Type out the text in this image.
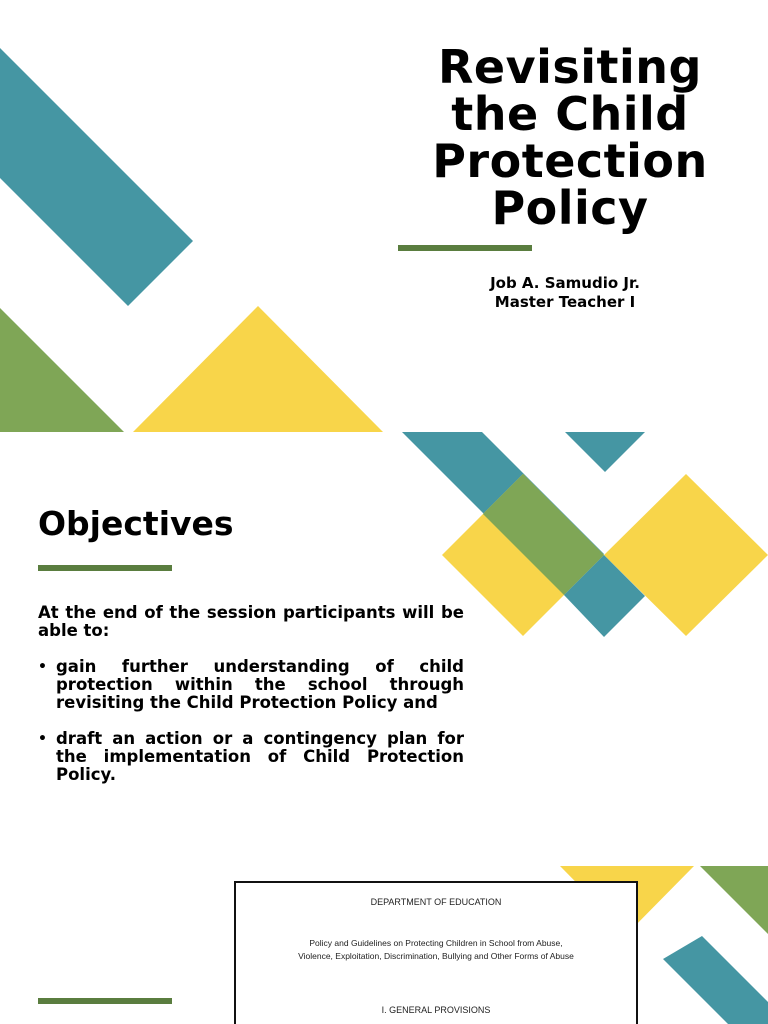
Revisiting the Child Protection Policy
Job A. Samudio Jr.
Master Teacher I
Objectives
At the end of the session participants will be able to:
• gain further understanding of child protection within the school through revisiting the Child Protection Policy and
• draft an action or a contingency plan for the implementation of Child Protection Policy.
DEPARTMENT OF EDUCATION
Policy and Guidelines on Protecting Children in School from Abuse, Violence, Exploitation, Discrimination, Bullying and Other Forms of Abuse
I. GENERAL PROVISIONS
